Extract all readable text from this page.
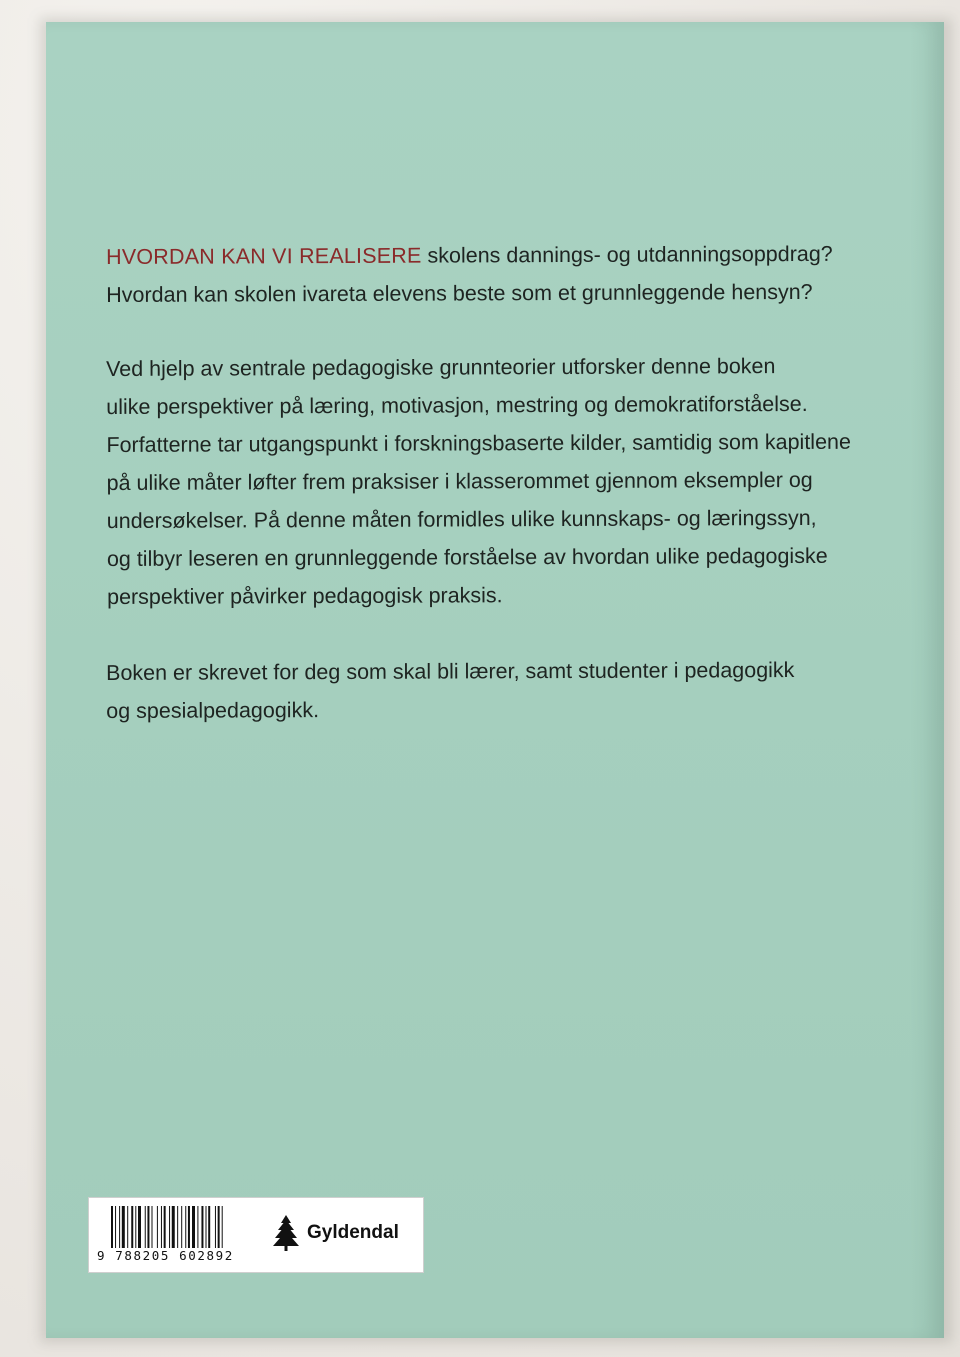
HVORDAN KAN VI REALISERE skolens dannings- og utdanningsoppdrag?
Hvordan kan skolen ivareta elevens beste som et grunnleggende hensyn?
Ved hjelp av sentrale pedagogiske grunnteorier utforsker denne boken
ulike perspektiver på læring, motivasjon, mestring og demokratiforståelse.
Forfatterne tar utgangspunkt i forskningsbaserte kilder, samtidig som kapitlene
på ulike måter løfter frem praksiser i klasserommet gjennom eksempler og
undersøkelser. På denne måten formidles ulike kunnskaps- og læringssyn,
og tilbyr leseren en grunnleggende forståelse av hvordan ulike pedagogiske
perspektiver påvirker pedagogisk praksis.
Boken er skrevet for deg som skal bli lærer, samt studenter i pedagogikk
og spesialpedagogikk.
9 788205 602892
Gyldendal
